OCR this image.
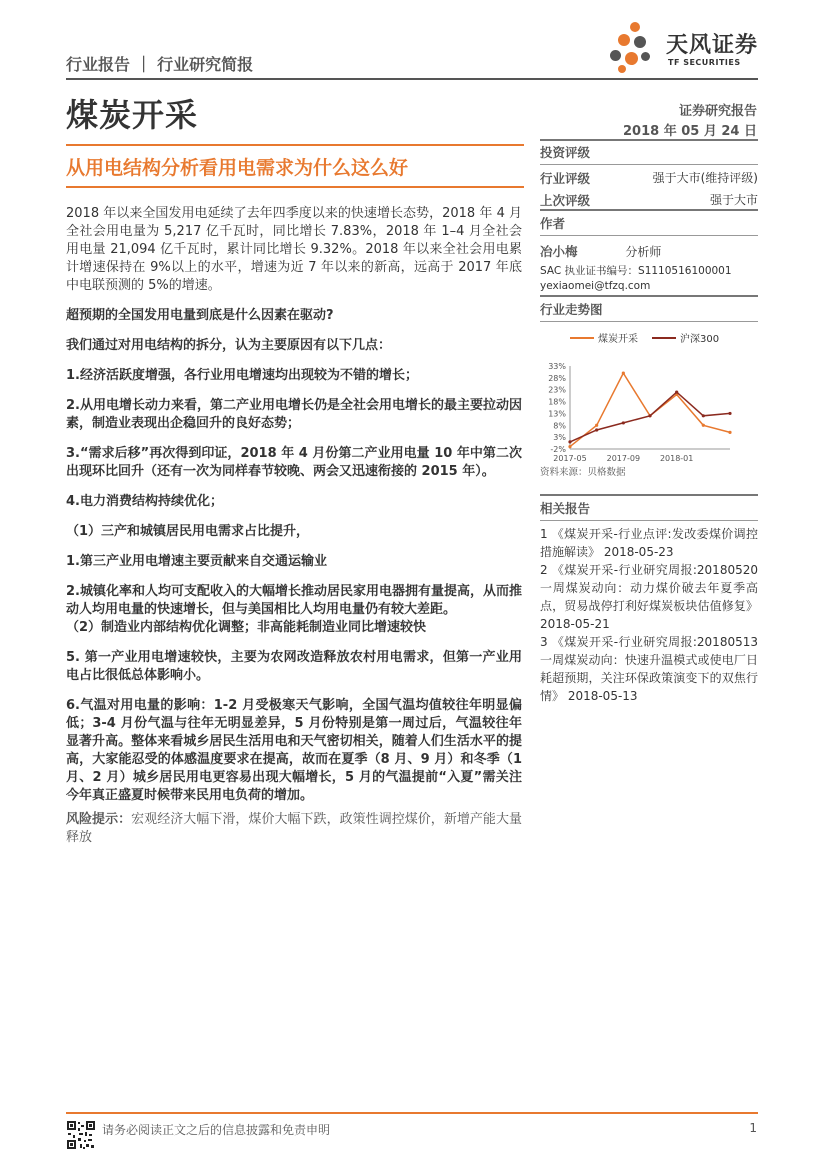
天风证券
TF SECURITIES
行业报告 ｜ 行业研究简报
煤炭开采	证券研究报告
2018 年 05 月 24 日
从用电结构分析看用电需求为什么这么好

2018 年以来全国发用电延续了去年四季度以来的快速增长态势，2018 年 4 月全社会用电量为 5,217 亿千瓦时，同比增长 7.83%，2018 年 1–4 月全社会用电量 21,094 亿千瓦时，累计同比增长 9.32%。2018 年以来全社会用电累计增速保持在 9%以上的水平，增速为近 7 年以来的新高，远高于 2017 年底中电联预测的 5%的增速。

超预期的全国发用电量到底是什么因素在驱动?

我们通过对用电结构的拆分，认为主要原因有以下几点：

1.经济活跃度增强，各行业用电增速均出现较为不错的增长；

2.从用电增长动力来看，第二产业用电增长仍是全社会用电增长的最主要拉动因素，制造业表现出企稳回升的良好态势；

3.“需求后移”再次得到印证，2018 年 4 月份第二产业用电量 10 年中第二次出现环比回升（还有一次为同样春节较晚、两会又迅速衔接的 2015 年）。

4.电力消费结构持续优化；

（1）三产和城镇居民用电需求占比提升，

1.第三产业用电增速主要贡献来自交通运输业

2.城镇化率和人均可支配收入的大幅增长推动居民家用电器拥有量提高，从而推动人均用电量的快速增长，但与美国相比人均用电量仍有较大差距。

（2）制造业内部结构优化调整；非高能耗制造业同比增速较快

5. 第一产业用电增速较快，主要为农网改造释放农村用电需求，但第一产业用电占比很低总体影响小。

6.气温对用电量的影响：1-2 月受极寒天气影响，全国气温均值较往年明显偏低；3-4 月份气温与往年无明显差异，5 月份特别是第一周过后，气温较往年显著升高。整体来看城乡居民生活用电和天气密切相关，随着人们生活水平的提高，大家能忍受的体感温度要求在提高，故而在夏季（8 月、9 月）和冬季（1 月、2 月）城乡居民用电更容易出现大幅增长，5 月的气温提前“入夏”需关注今年真正盛夏时候带来民用电负荷的增加。

风险提示：宏观经济大幅下滑，煤价大幅下跌，政策性调控煤价，新增产能大量释放

投资评级
行业评级	强于大市(维持评级)
上次评级	强于大市
作者
冶小梅	分析师
SAC 执业证书编号：S1110516100001
yexiaomei@tfzq.com
行业走势图
煤炭开采	沪深300
-2%
3%
8%
13%
18%
23%
28%
33%
2017-05 2017-09 2018-01
资料来源：贝格数据
相关报告

1 《煤炭开采-行业点评:发改委煤价调控措施解读》 2018-05-23

2 《煤炭开采-行业研究周报:20180520一周煤炭动向：动力煤价破去年夏季高点，贸易战停打利好煤炭板块估值修复》 2018-05-21

3 《煤炭开采-行业研究周报:20180513一周煤炭动向：快速升温模式或使电厂日耗超预期，关注环保政策演变下的双焦行情》 2018-05-13

请务必阅读正文之后的信息披露和免责申明	1
